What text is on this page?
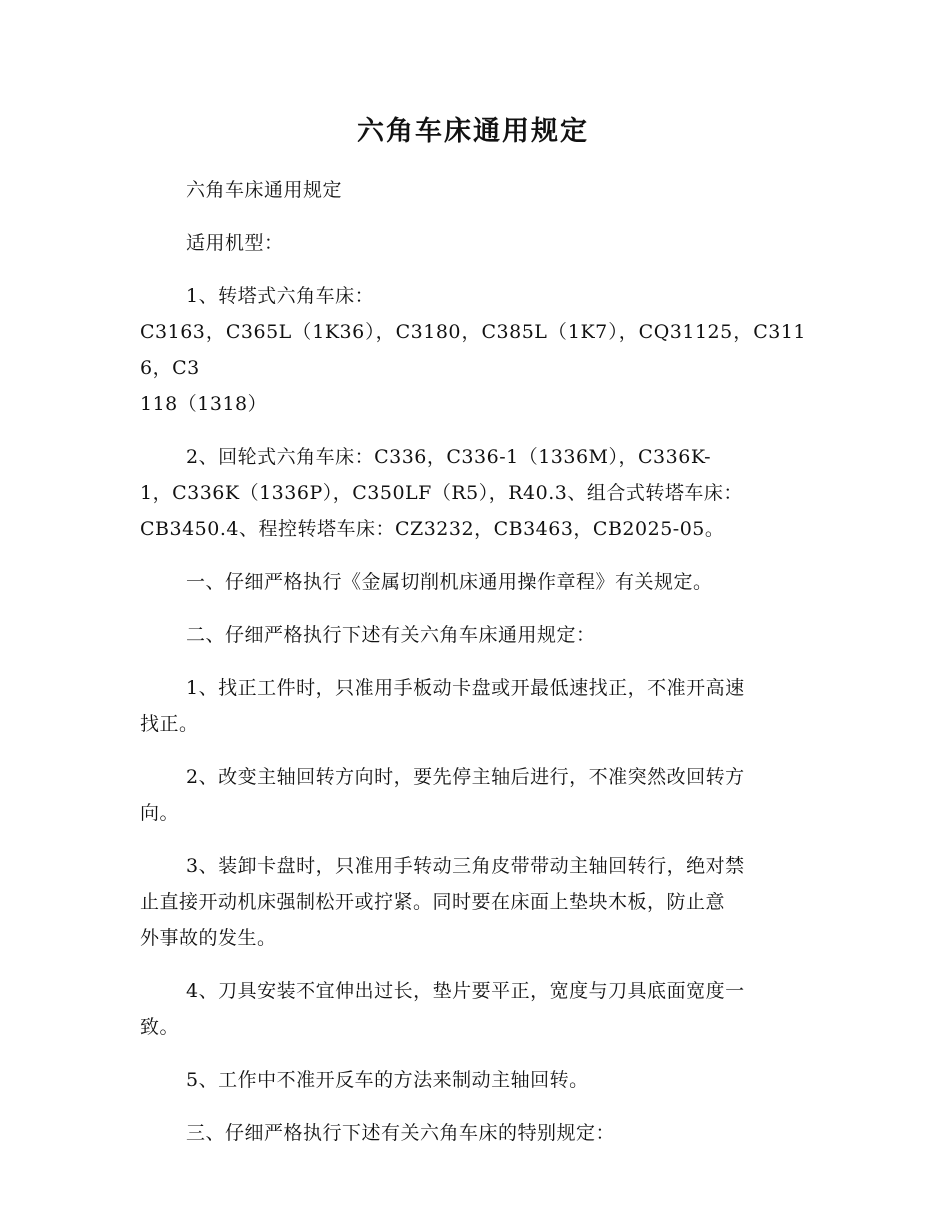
六角车床通用规定

六角车床通用规定

适用机型：

1、转塔式六角车床：
C3163，C365L（1K36），C3180，C385L（1K7），CQ31125，C3116，C3
118（1318）
2、回轮式六角车床：C336，C336-1（1336M），C336K-
1，C336K（1336P），C350LF（R5），R40.3、组合式转塔车床：
CB3450.4、程控转塔车床：CZ3232，CB3463，CB2025-05。

一、仔细严格执行《金属切削机床通用操作章程》有关规定。

二、仔细严格执行下述有关六角车床通用规定：

1、找正工件时，只准用手板动卡盘或开最低速找正，不准开高速
找正。
2、改变主轴回转方向时，要先停主轴后进行，不准突然改回转方
向。
3、装卸卡盘时，只准用手转动三角皮带带动主轴回转行，绝对禁
止直接开动机床强制松开或拧紧。同时要在床面上垫块木板，防止意
外事故的发生。
4、刀具安装不宜伸出过长，垫片要平正，宽度与刀具底面宽度一
致。
5、工作中不准开反车的方法来制动主轴回转。

三、仔细严格执行下述有关六角车床的特别规定：
